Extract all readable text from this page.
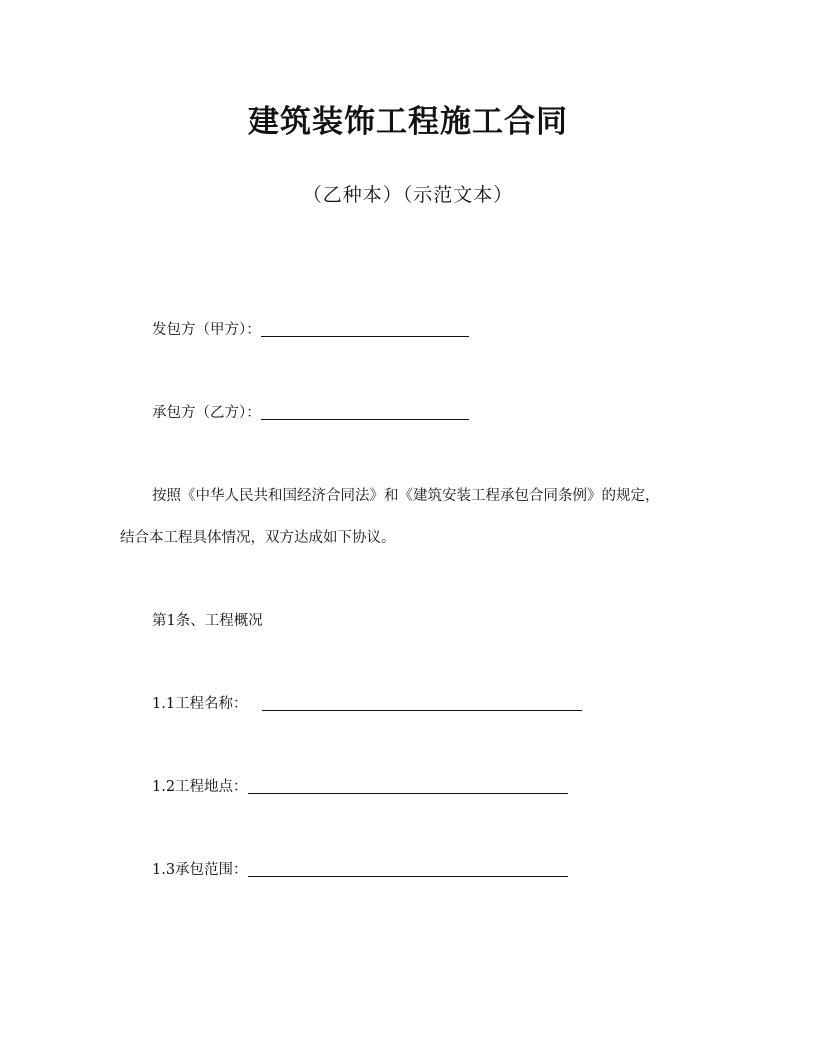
建筑装饰工程施工合同
（乙种本）（示范文本）
发包方（甲方）：
承包方（乙方）：
按照《中华人民共和国经济合同法》和《建筑安装工程承包合同条例》的规定，
结合本工程具体情况，双方达成如下协议。
第1条、工程概况
1.1工程名称：
1.2工程地点：
1.3承包范围：
